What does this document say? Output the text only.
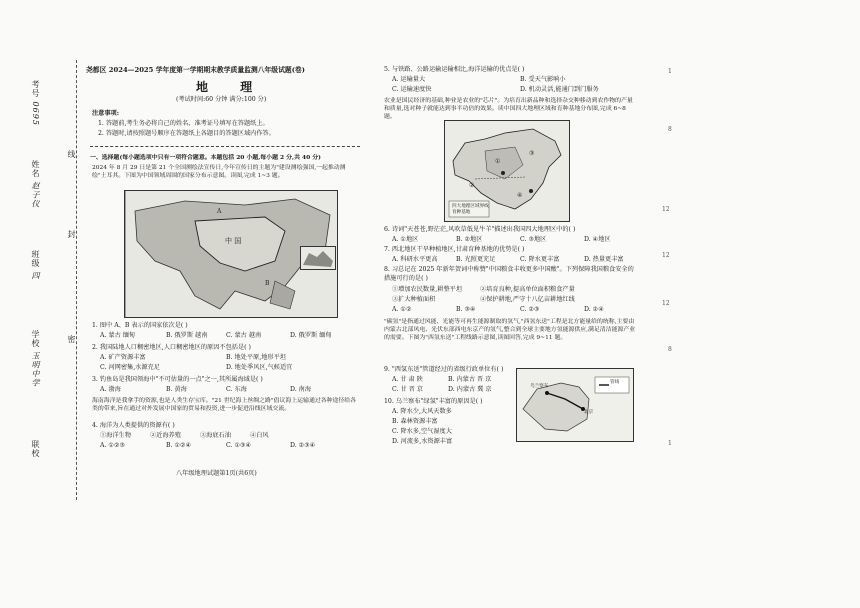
考号 0695
姓名 赵子仪
班级 四
学校 玉明中学
联校
线
封
密
尧都区 2024—2025 学年度第一学期期末教学质量监测八年级试题(卷)
地 理
(考试时间:60 分钟 满分:100 分)
注意事项:
1. 答题前,考生务必将自己的姓名、准考证号填写在答题纸上。
2. 答题时,请按照题号顺序在答题纸上各题目的答题区域内作答。
一、选择题(每小题选项中只有一项符合题意。本题包括 20 小题,每小题 2 分,共 40 分)
2024 年 8 月 29 日是第 21 个全国测绘法宣传日,今年宣传日的主题为"建设测绘强国,一起推动测绘"土耳其。下图为中国领域周围的国家分布示意图。读图,完成 1~3 题。
中 国
A
B
1. 图中 A、B 表示的国家依次是( )
A. 蒙古 缅甸	B. 俄罗斯 越南	C. 蒙古 越南	D. 俄罗斯 缅甸
2. 我国陆地人口稠密地区,人口稠密地区的原因不包括是( )
A. 矿产资源丰富	B. 地处平原,地形平坦
C. 河网密集,水源充足	D. 地处季风区,气候适宜
3. 钓鱼岛是我国领海中"不可估量的一点"之一,其所属海域是( )
A. 渤海	B. 黄海	C. 东海	D. 南海
海南海洋是我拿手的资源,也是人类生存宝库。"21 世纪海上丝绸之路"倡议海上运输通过各种途径给各类的带来,旨在通过对外发展中国家的贸易和投资,进一步促进沿线区域交流。
4. 海洋为人类提供的资源有( )
①海洋生物	②近海养殖	③海底石油	④白风
A. ①②③	B. ①②④	C. ①③④	D. ②③④
八年级地理试题第1页(共6页)
5. 与铁路、公路运输运输相比,海洋运输的优点是( )
A. 运输量大	B. 受天气影响小
C. 运输速度快	D. 机动灵活,能通门到门服务
农业是国民经济的基础,种业是农业的"芯片"。为培育出新品种和选择杂交种移动到农作物的产量和质量,选对种子就能达到事半功倍的效果。读中国四大地理区域和育种基地分布图,完成 6~8 题。
①
②
③
④
四大地理区域界线
育种基地
6. 诗词"天苍苍,野茫茫,风吹草低见牛羊"描述出我国四大地理区中的( )
A. ①地区	B. ②地区	C. ③地区	D. ④地区
7. 西北地区干旱种植地区,甘肃育种基地的优势是( )
A. 科研水平更高	B. 光照更充足	C. 降水更丰富	D. 热量更丰富
8. 习总记在 2025 年新年贺词中称赞"中国粮食丰收更多中国酸"。下列保障我国粮食安全的措施可行的是( )
①增加农民数量,耕整平坦	②培育良种,提高单位面积粮食产量
③扩大种植面积	④保护耕地,严守十八亿亩耕地红线
A. ①②	B. ③④	C. ②③	D. ②④
"碳氢"是指通过风能、光能等可再生能源制取的氢气,"西氢东送"工程是北方能量给的统称,主要由内蒙古北部风电、光伏东部西电东京产的氢气,整合到全球主要地方氢能源供应,满足清洁能源产业的需要。下图为"西氢东送"工程线路示意图,读图回答,完成 9~11 题。
9. "西氢东送"管道经过的省级行政单位有( )
A. 甘 肃 陕	B. 内蒙古 晋 京
C. 甘 晋 京	D. 内蒙古 冀 京
10. 乌兰察布"绿氢"丰富的原因是( )
A. 降水少,大风天数多
B. 森林资源丰富
C. 降水多,空气湿度大
D. 河流多,水资源丰富
乌兰察布
北京
管线
1
8
12
12
12
8
1
